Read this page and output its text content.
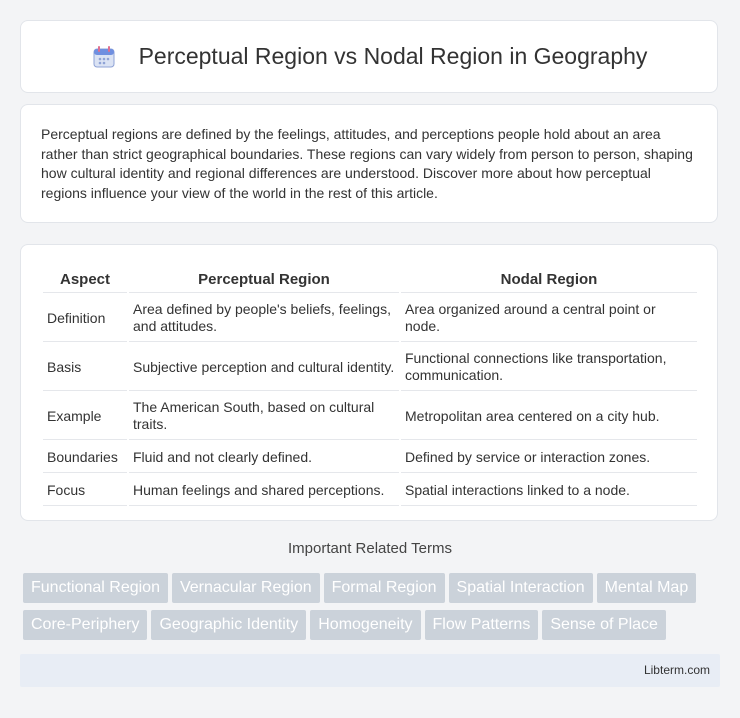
Perceptual Region vs Nodal Region in Geography

Perceptual regions are defined by the feelings, attitudes, and perceptions people hold about an area rather than strict geographical boundaries. These regions can vary widely from person to person, shaping how cultural identity and regional differences are understood. Discover more about how perceptual regions influence your view of the world in the rest of this article.

Aspect	Perceptual Region	Nodal Region
Definition	Area defined by people's beliefs, feelings, and attitudes.	Area organized around a central point or node.
Basis	Subjective perception and cultural identity.	Functional connections like transportation, communication.
Example	The American South, based on cultural traits.	Metropolitan area centered on a city hub.
Boundaries	Fluid and not clearly defined.	Defined by service or interaction zones.
Focus	Human feelings and shared perceptions.	Spatial interactions linked to a node.
Important Related Terms
Functional Region Vernacular Region Formal Region Spatial Interaction Mental Map
Core-Periphery Geographic Identity Homogeneity Flow Patterns Sense of Place
Libterm.com
